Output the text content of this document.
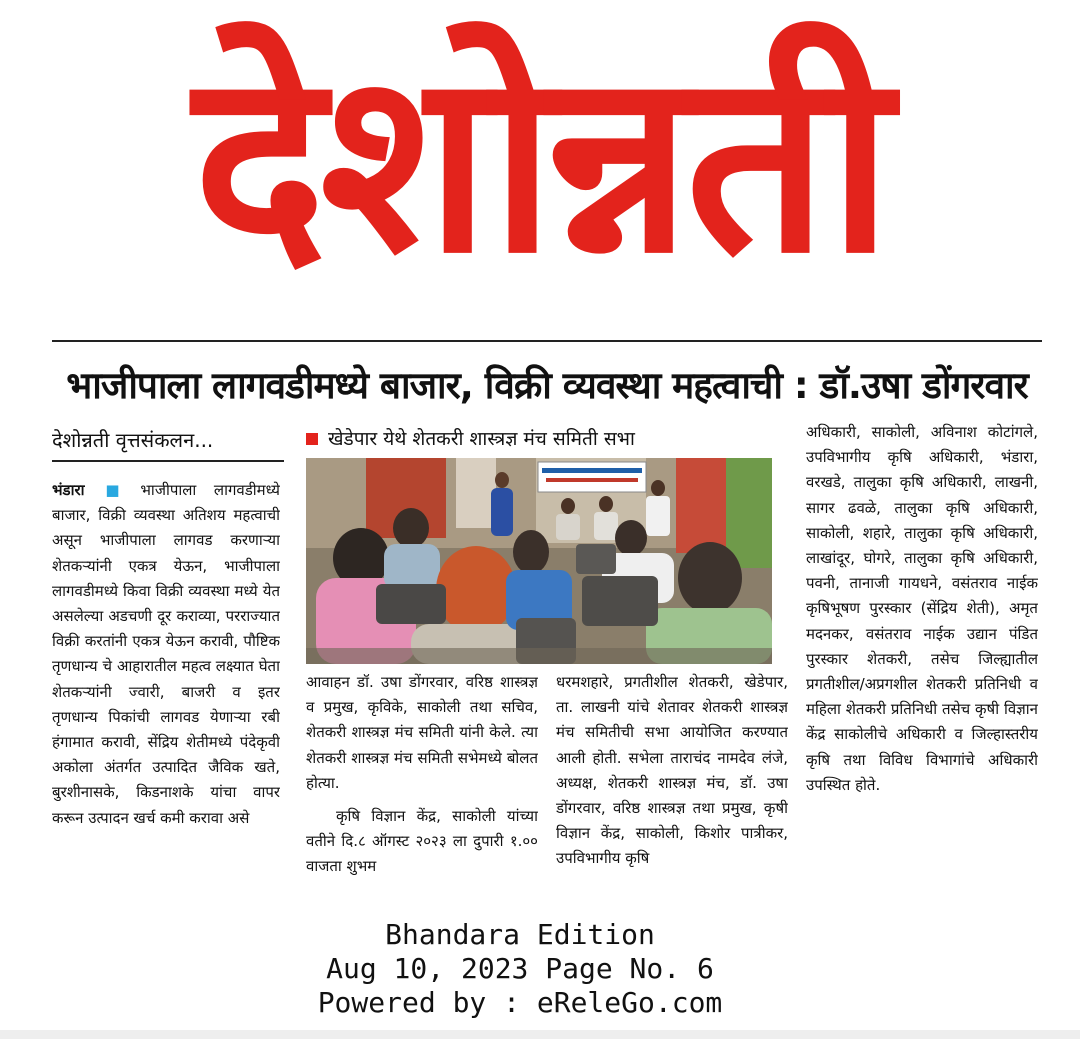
देशोन्नती
भाजीपाला लागवडीमध्ये बाजार, विक्री व्यवस्था महत्वाची : डॉ.उषा डोंगरवार
देशोन्नती वृत्तसंकलन...	खेडेपार येथे शेतकरी शास्त्रज्ञ मंच समिती सभा

भंडारा ■ भाजीपाला लागवडीमध्ये बाजार, विक्री व्यवस्था अतिशय महत्वाची असून भाजीपाला लागवड करणाऱ्या शेतकऱ्यांनी एकत्र येऊन, भाजीपाला लागवडीमध्ये किवा विक्री व्यवस्था मध्ये येत असलेल्या अडचणी दूर कराव्या, परराज्यात विक्री करतांनी एकत्र येऊन करावी, पौष्टिक तृणधान्य चे आहारातील महत्व लक्ष्यात घेता शेतकऱ्यांनी ज्वारी, बाजरी व इतर तृणधान्य पिकांची लागवड येणाऱ्या रबी हंगामात करावी, सेंद्रिय शेतीमध्ये पंदेकृवी अकोला अंतर्गत उत्पादित जैविक खते, बुरशीनासके, किडनाशके यांचा वापर करून उत्पादन खर्च कमी करावा असे

आवाहन डॉ. उषा डोंगरवार, वरिष्ठ शास्त्रज्ञ व प्रमुख, कृविके, साकोली तथा सचिव, शेतकरी शास्त्रज्ञ मंच समिती यांनी केले. त्या शेतकरी शास्त्रज्ञ मंच समिती सभेमध्ये बोलत होत्या.

कृषि विज्ञान केंद्र, साकोली यांच्या वतीने दि.८ ऑगस्ट २०२३ ला दुपारी १.०० वाजता शुभम

धरमशहारे, प्रगतीशील शेतकरी, खेडेपार, ता. लाखनी यांचे शेतावर शेतकरी शास्त्रज्ञ मंच समितीची सभा आयोजित करण्यात आली होती. सभेला ताराचंद नामदेव लंजे, अध्यक्ष, शेतकरी शास्त्रज्ञ मंच, डॉ. उषा डोंगरवार, वरिष्ठ शास्त्रज्ञ तथा प्रमुख, कृषी विज्ञान केंद्र, साकोली, किशोर पात्रीकर, उपविभागीय कृषि

अधिकारी, साकोली, अविनाश कोटांगले, उपविभागीय कृषि अधिकारी, भंडारा, वरखडे, तालुका कृषि अधिकारी, लाखनी, सागर ढवळे, तालुका कृषि अधिकारी, साकोली, शहारे, तालुका कृषि अधिकारी, लाखांदूर, घोगरे, तालुका कृषि अधिकारी, पवनी, तानाजी गायधने, वसंतराव नाईक कृषिभूषण पुरस्कार (सेंद्रिय शेती), अमृत मदनकर, वसंतराव नाईक उद्यान पंडित पुरस्कार शेतकरी, तसेच जिल्ह्यातील प्रगतीशील/अप्रगशील शेतकरी प्रतिनिधी व महिला शेतकरी प्रतिनिधी तसेच कृषी विज्ञान केंद्र साकोलीचे अधिकारी व जिल्हास्तरीय कृषि तथा विविध विभागांचे अधिकारी उपस्थित होते.

Bhandara Edition
Aug 10, 2023 Page No. 6
Powered by : eReleGo.com
